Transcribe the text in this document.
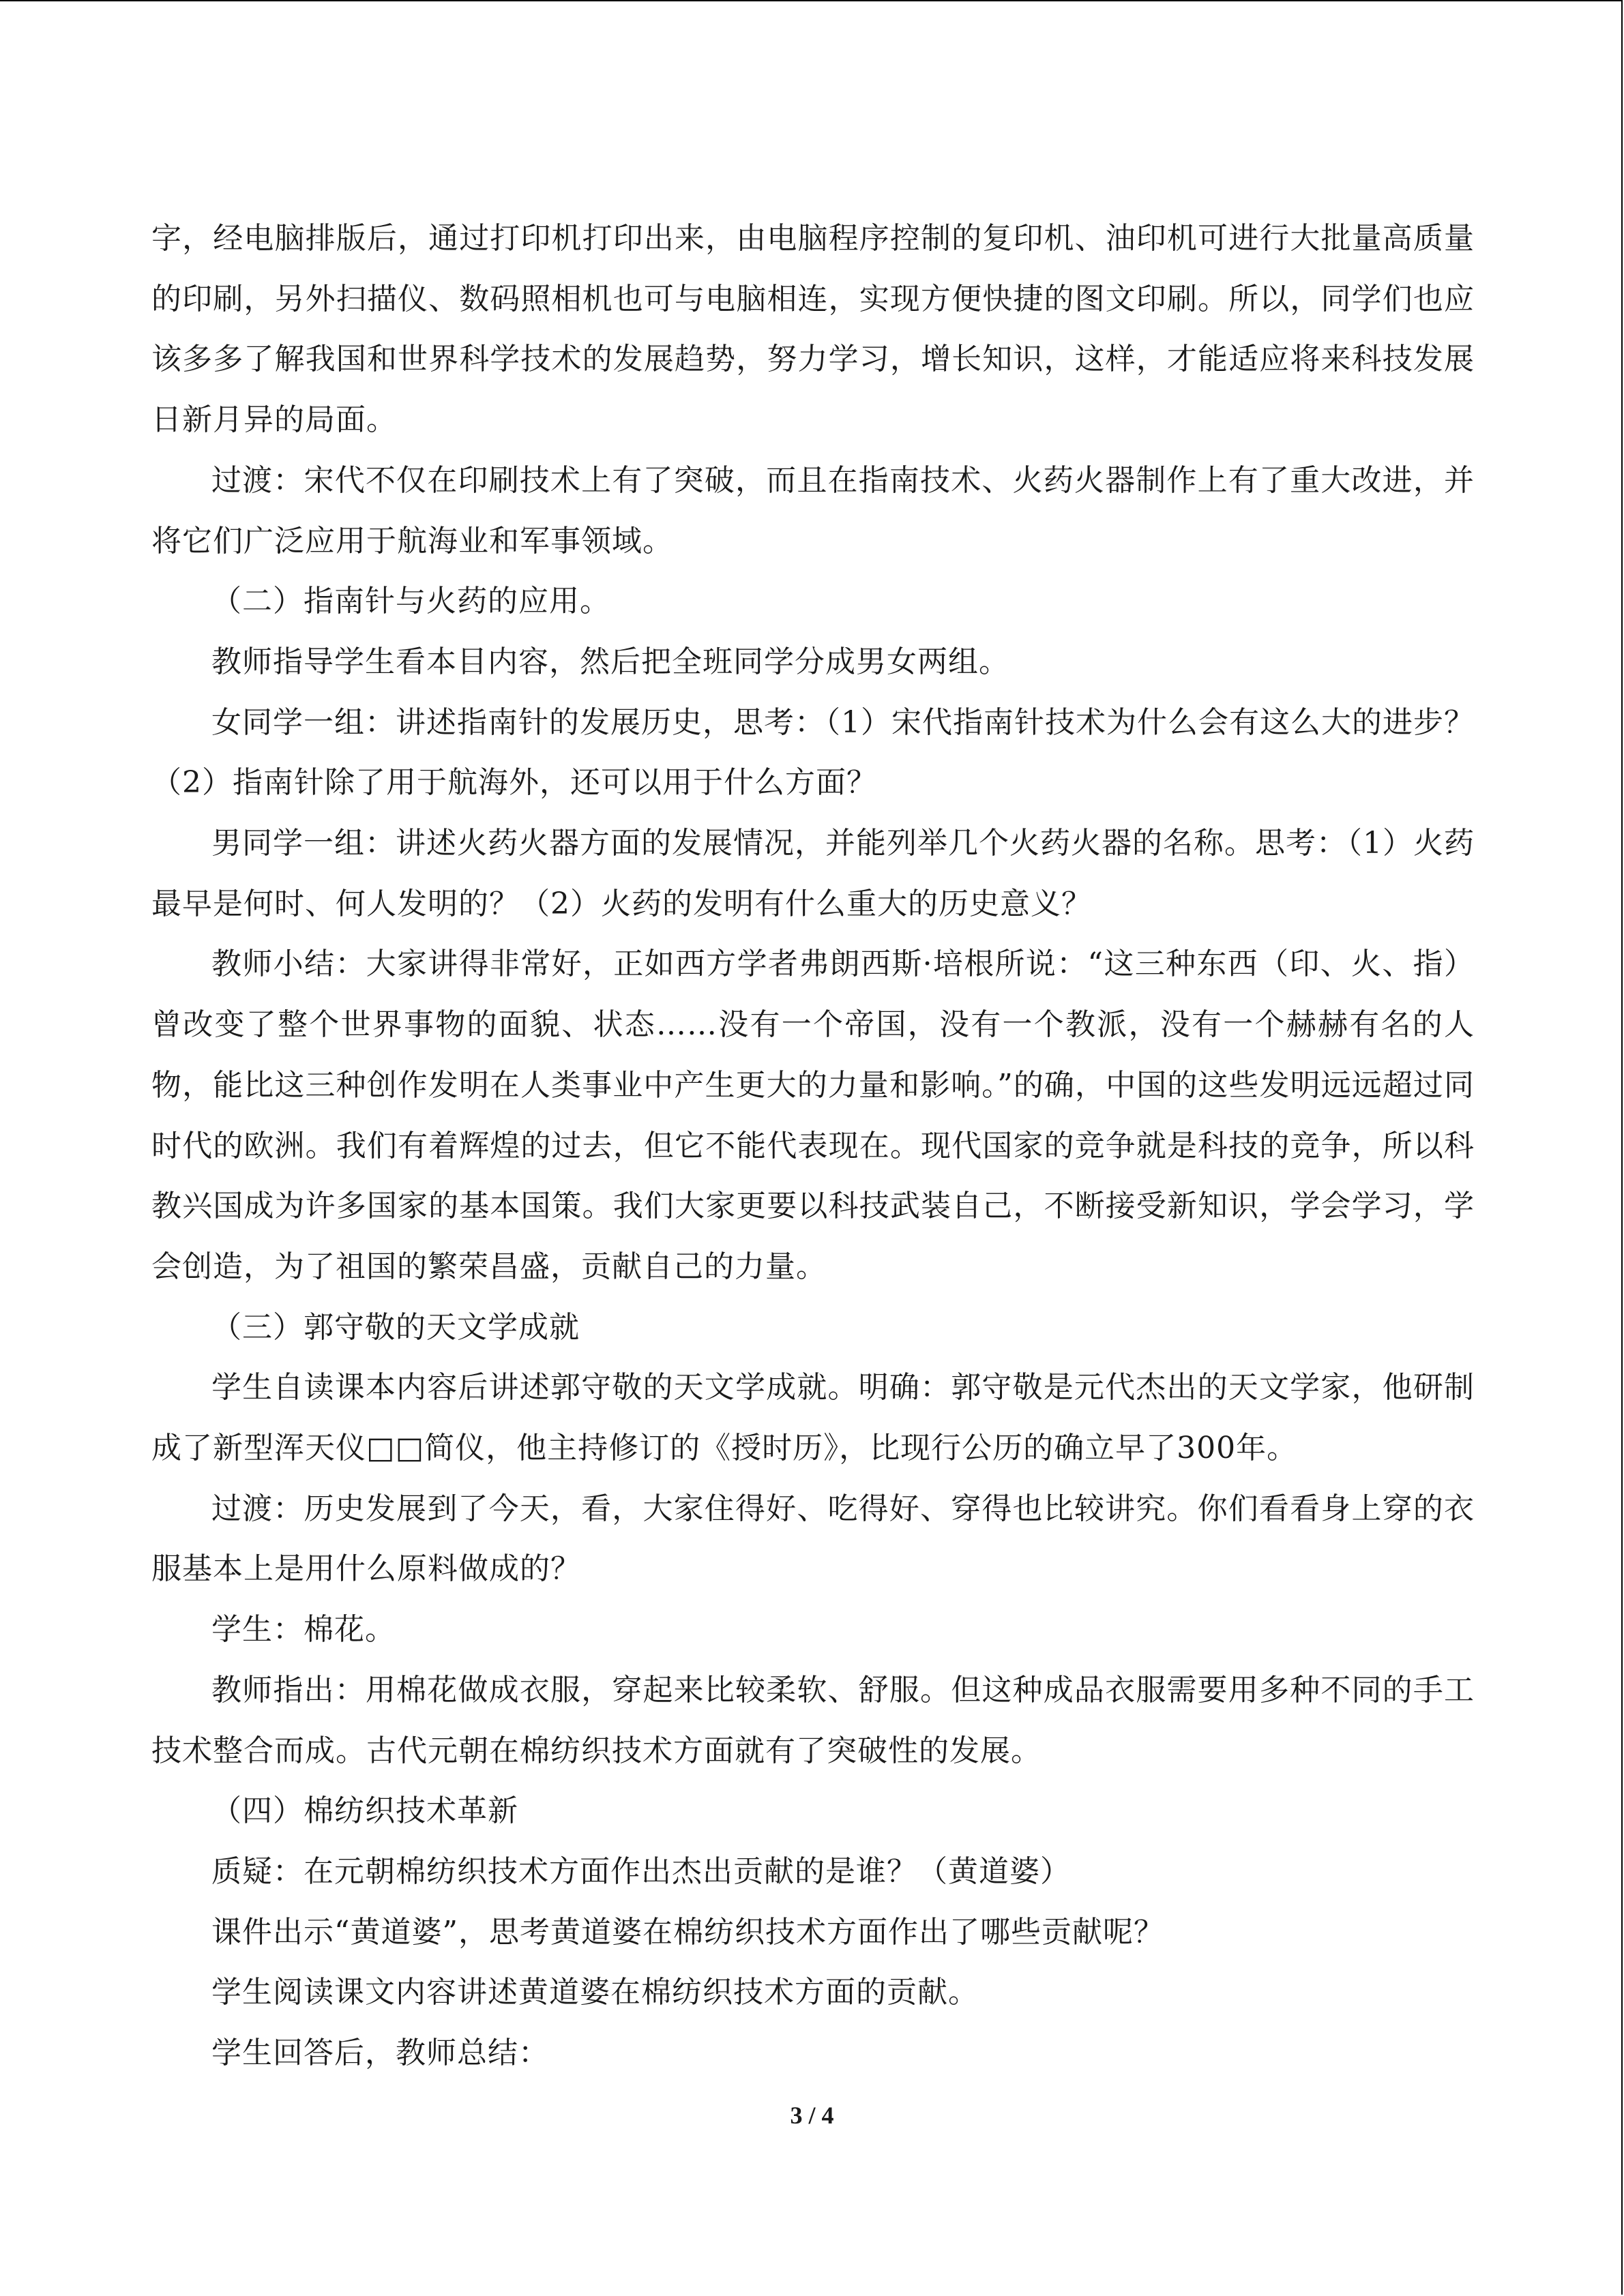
字，经电脑排版后，通过打印机打印出来，由电脑程序控制的复印机、油印机可进行大批量高质量的印刷，另外扫描仪、数码照相机也可与电脑相连，实现方便快捷的图文印刷。所以，同学们也应该多多了解我国和世界科学技术的发展趋势，努力学习，增长知识，这样，才能适应将来科技发展日新月异的局面。

过渡：宋代不仅在印刷技术上有了突破，而且在指南技术、火药火器制作上有了重大改进，并将它们广泛应用于航海业和军事领域。

（二）指南针与火药的应用。

教师指导学生看本目内容，然后把全班同学分成男女两组。

女同学一组：讲述指南针的发展历史，思考：（1）宋代指南针技术为什么会有这么大的进步？（2）指南针除了用于航海外，还可以用于什么方面？

男同学一组：讲述火药火器方面的发展情况，并能列举几个火药火器的名称。思考：（1）火药最早是何时、何人发明的？（2）火药的发明有什么重大的历史意义？

教师小结：大家讲得非常好，正如西方学者弗朗西斯·培根所说：“这三种东西（印、火、指）曾改变了整个世界事物的面貌、状态……没有一个帝国，没有一个教派，没有一个赫赫有名的人物，能比这三种创作发明在人类事业中产生更大的力量和影响。”的确，中国的这些发明远远超过同时代的欧洲。我们有着辉煌的过去，但它不能代表现在。现代国家的竞争就是科技的竞争，所以科教兴国成为许多国家的基本国策。我们大家更要以科技武装自己，不断接受新知识，学会学习，学会创造，为了祖国的繁荣昌盛，贡献自己的力量。

（三）郭守敬的天文学成就

学生自读课本内容后讲述郭守敬的天文学成就。明确：郭守敬是元代杰出的天文学家，他研制成了新型浑天仪□□简仪，他主持修订的《授时历》，比现行公历的确立早了300年。

过渡：历史发展到了今天，看，大家住得好、吃得好、穿得也比较讲究。你们看看身上穿的衣服基本上是用什么原料做成的？

学生：棉花。

教师指出：用棉花做成衣服，穿起来比较柔软、舒服。但这种成品衣服需要用多种不同的手工技术整合而成。古代元朝在棉纺织技术方面就有了突破性的发展。

（四）棉纺织技术革新

质疑：在元朝棉纺织技术方面作出杰出贡献的是谁？（黄道婆）

课件出示“黄道婆”，思考黄道婆在棉纺织技术方面作出了哪些贡献呢？

学生阅读课文内容讲述黄道婆在棉纺织技术方面的贡献。

学生回答后，教师总结：

3 / 4
